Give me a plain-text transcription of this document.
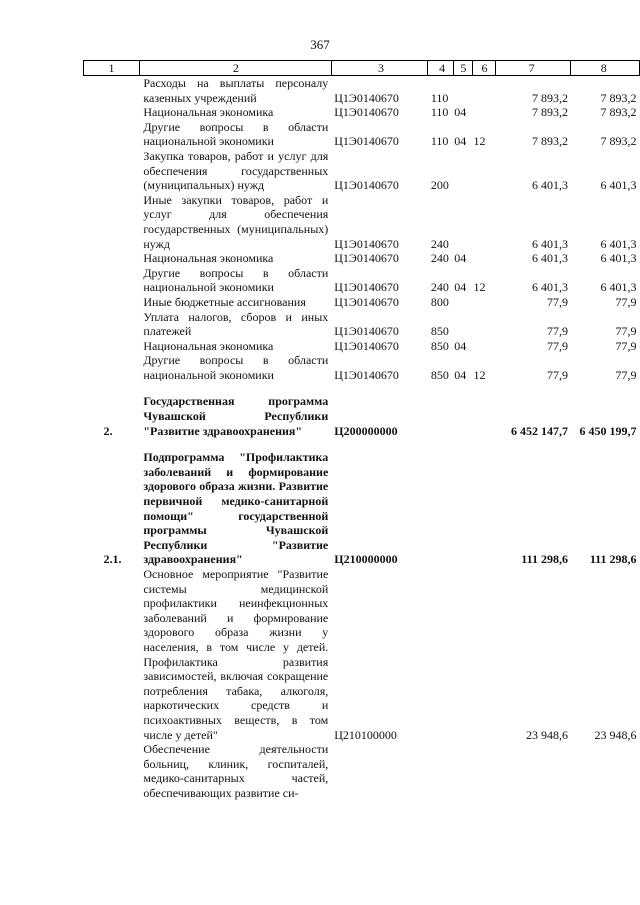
367
1	2	3	4	5	6	7	8
	Расходы на выплаты персоналу казенных учреждений	Ц1Э0140670	110			7 893,2	7 893,2
	Национальная экономика	Ц1Э0140670	110	04		7 893,2	7 893,2
	Другие вопросы в области национальной экономики	Ц1Э0140670	110	04	12	7 893,2	7 893,2
	Закупка товаров, работ и услуг для обеспечения государственных (муниципальных) нужд	Ц1Э0140670	200			6 401,3	6 401,3
	Иные закупки товаров, работ и услуг для обеспечения государственных (муниципальных) нужд	Ц1Э0140670	240			6 401,3	6 401,3
	Национальная экономика	Ц1Э0140670	240	04		6 401,3	6 401,3
	Другие вопросы в области национальной экономики	Ц1Э0140670	240	04	12	6 401,3	6 401,3
	Иные бюджетные ассигнования	Ц1Э0140670	800			77,9	77,9
	Уплата налогов, сборов и иных платежей	Ц1Э0140670	850			77,9	77,9
	Национальная экономика	Ц1Э0140670	850	04		77,9	77,9
	Другие вопросы в области национальной экономики	Ц1Э0140670	850	04	12	77,9	77,9

2.	Государственная программа Чувашской Республики "Развитие здравоохранения"	Ц200000000				6 452 147,7	6 450 199,7

2.1.	Подпрограмма "Профилактика заболеваний и формирование здорового образа жизни. Развитие первичной медико-санитарной помощи" государственной программы Чувашской Республики "Развитие здравоохранения"	Ц210000000				111 298,6	111 298,6
	Основное мероприятие "Развитие системы медицинской профилактики неинфекционных заболеваний и формирование здорового образа жизни у населения, в том числе у детей. Профилактика развития зависимостей, включая сокращение потребления табака, алкоголя, наркотических средств и психоактивных веществ, в том числе у детей"	Ц210100000				23 948,6	23 948,6
	Обеспечение деятельности больниц, клиник, госпиталей, медико-санитарных частей, обеспечивающих развитие си-						
